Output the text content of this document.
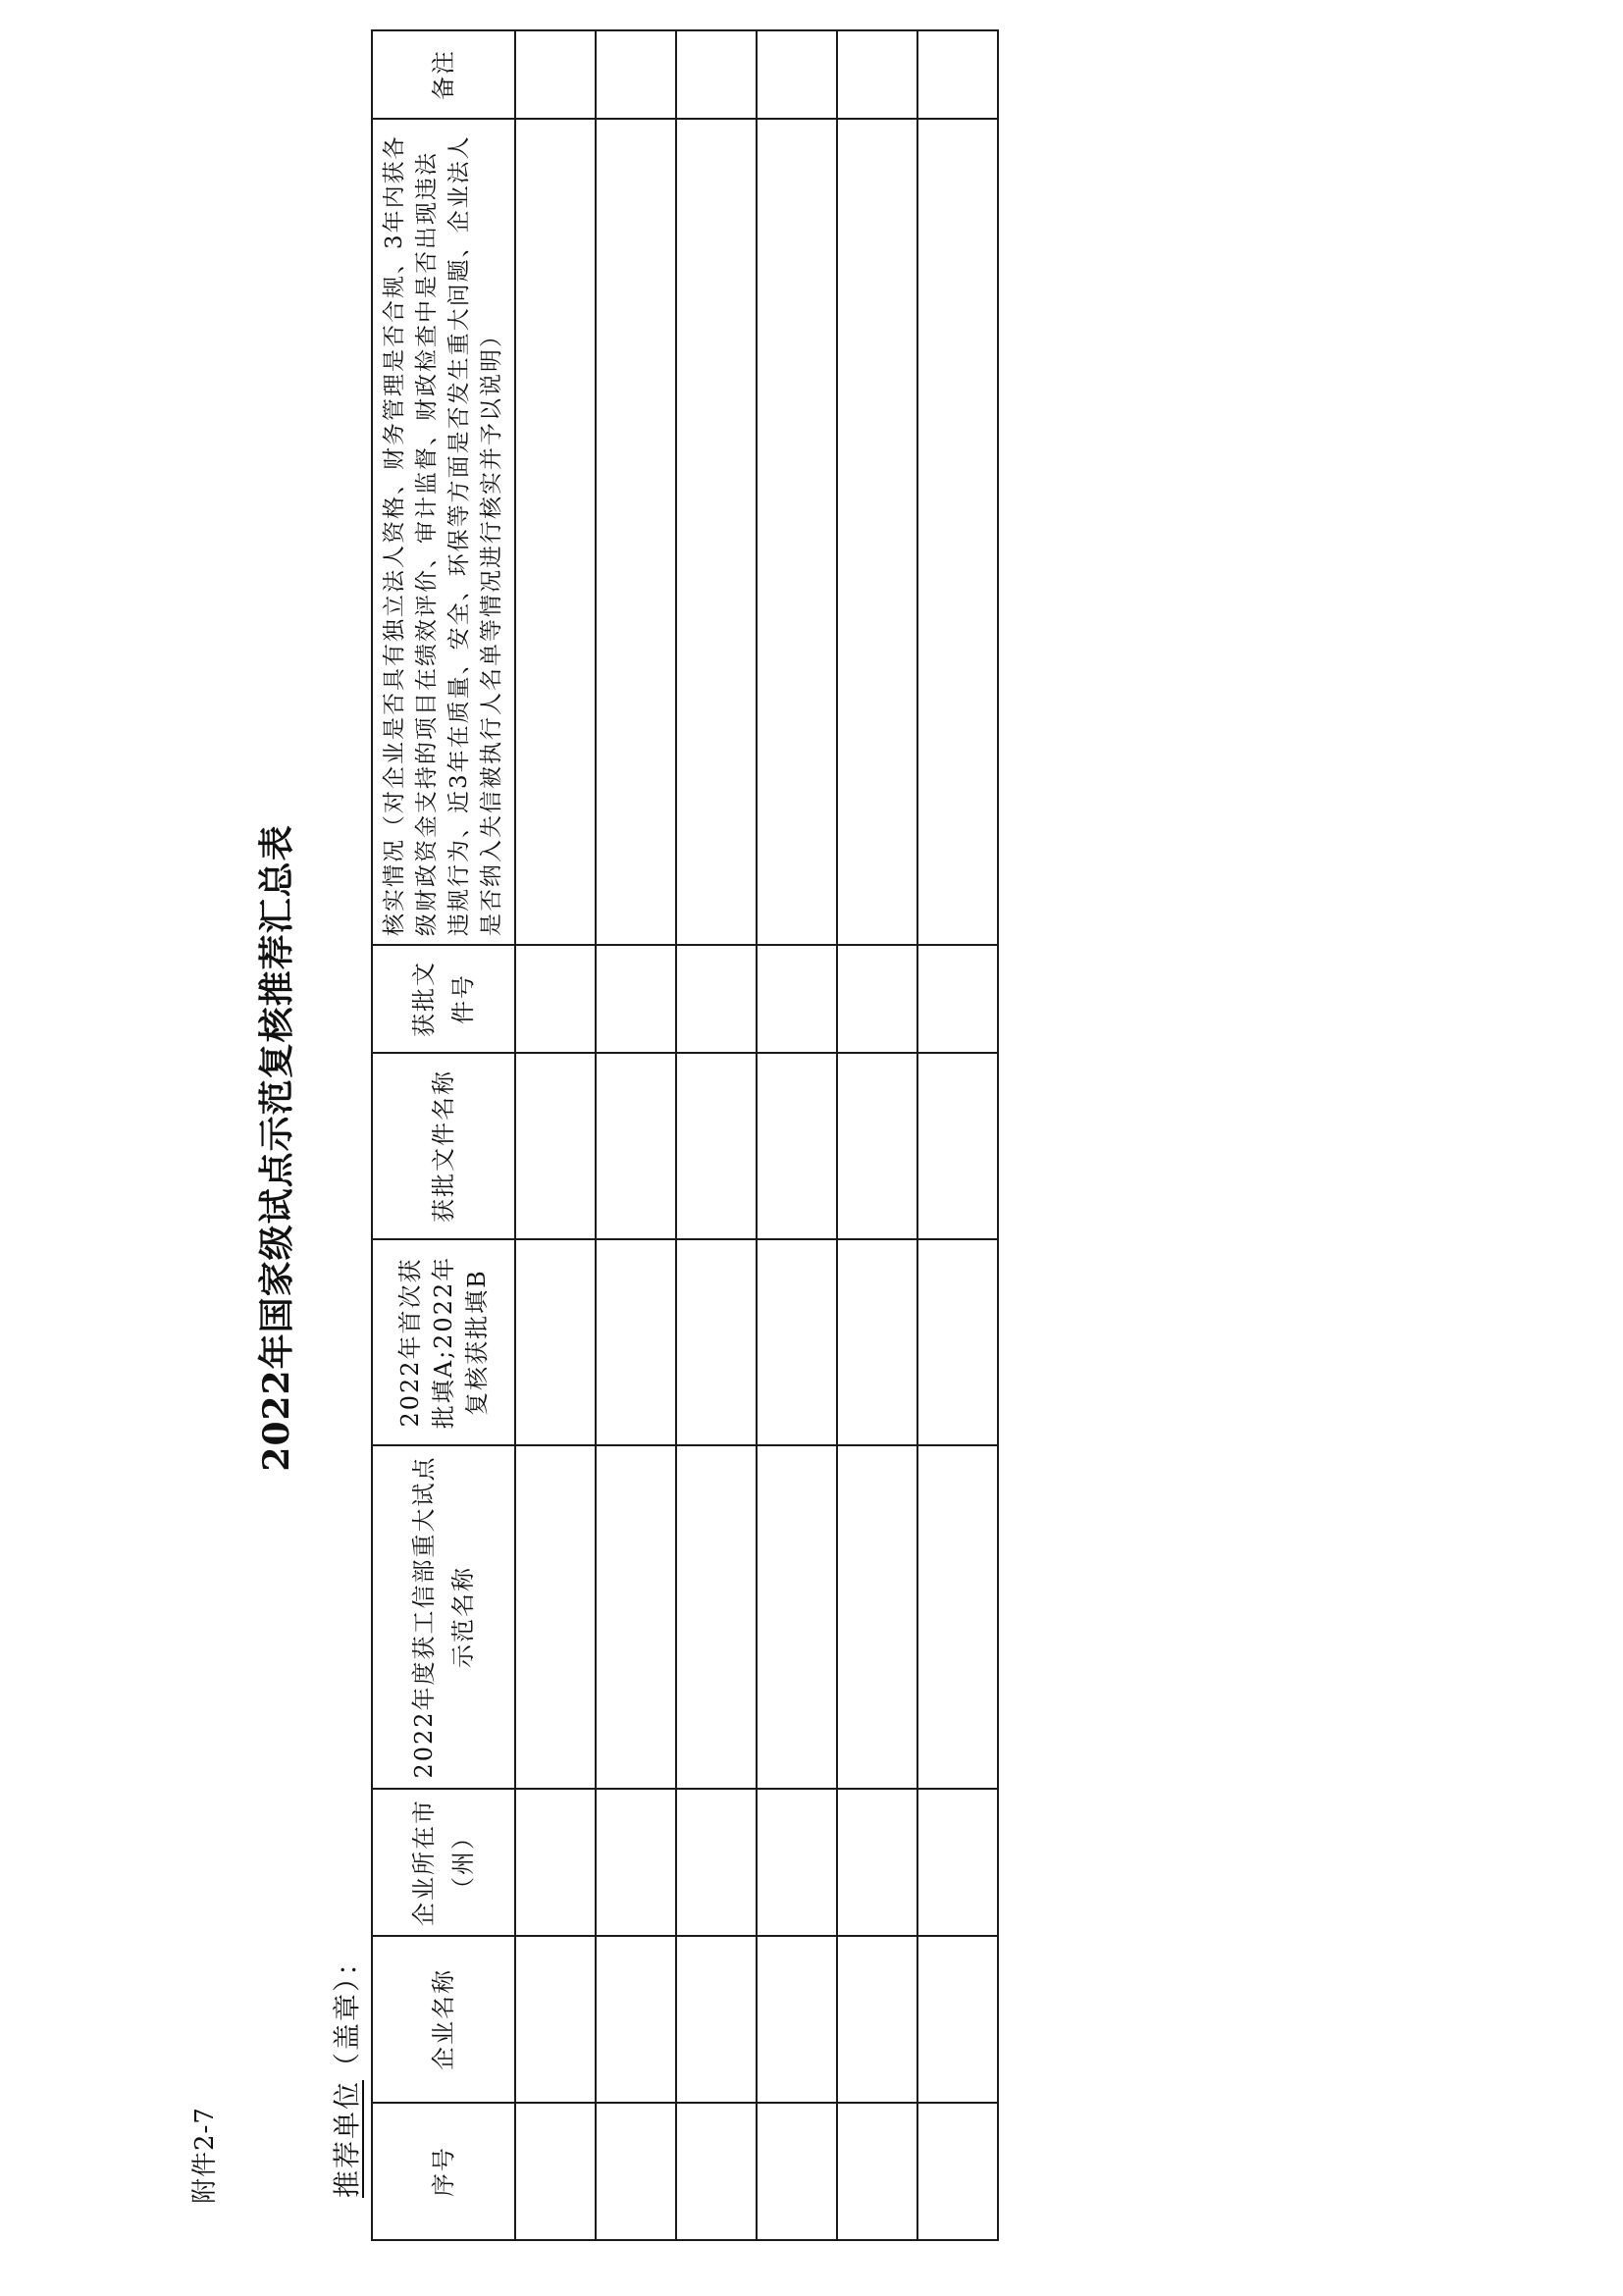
附件2-7
2022年国家级试点示范复核推荐汇总表
推荐单位（盖章）：
序号	企业名称	企业所在市（州）	2022年度获工信部重大试点示范名称	2022年首次获批填A;2022年复核获批填B	获批文件名称	获批文件号	核实情况（对企业是否具有独立法人资格、财务管理是否合规、3年内获各级财政资金支持的项目在绩效评价、审计监督、财政检查中是否出现违法违规行为、近3年在质量、安全、环保等方面是否发生重大问题、企业法人是否纳入失信被执行人名单等情况进行核实并予以说明）	备注
